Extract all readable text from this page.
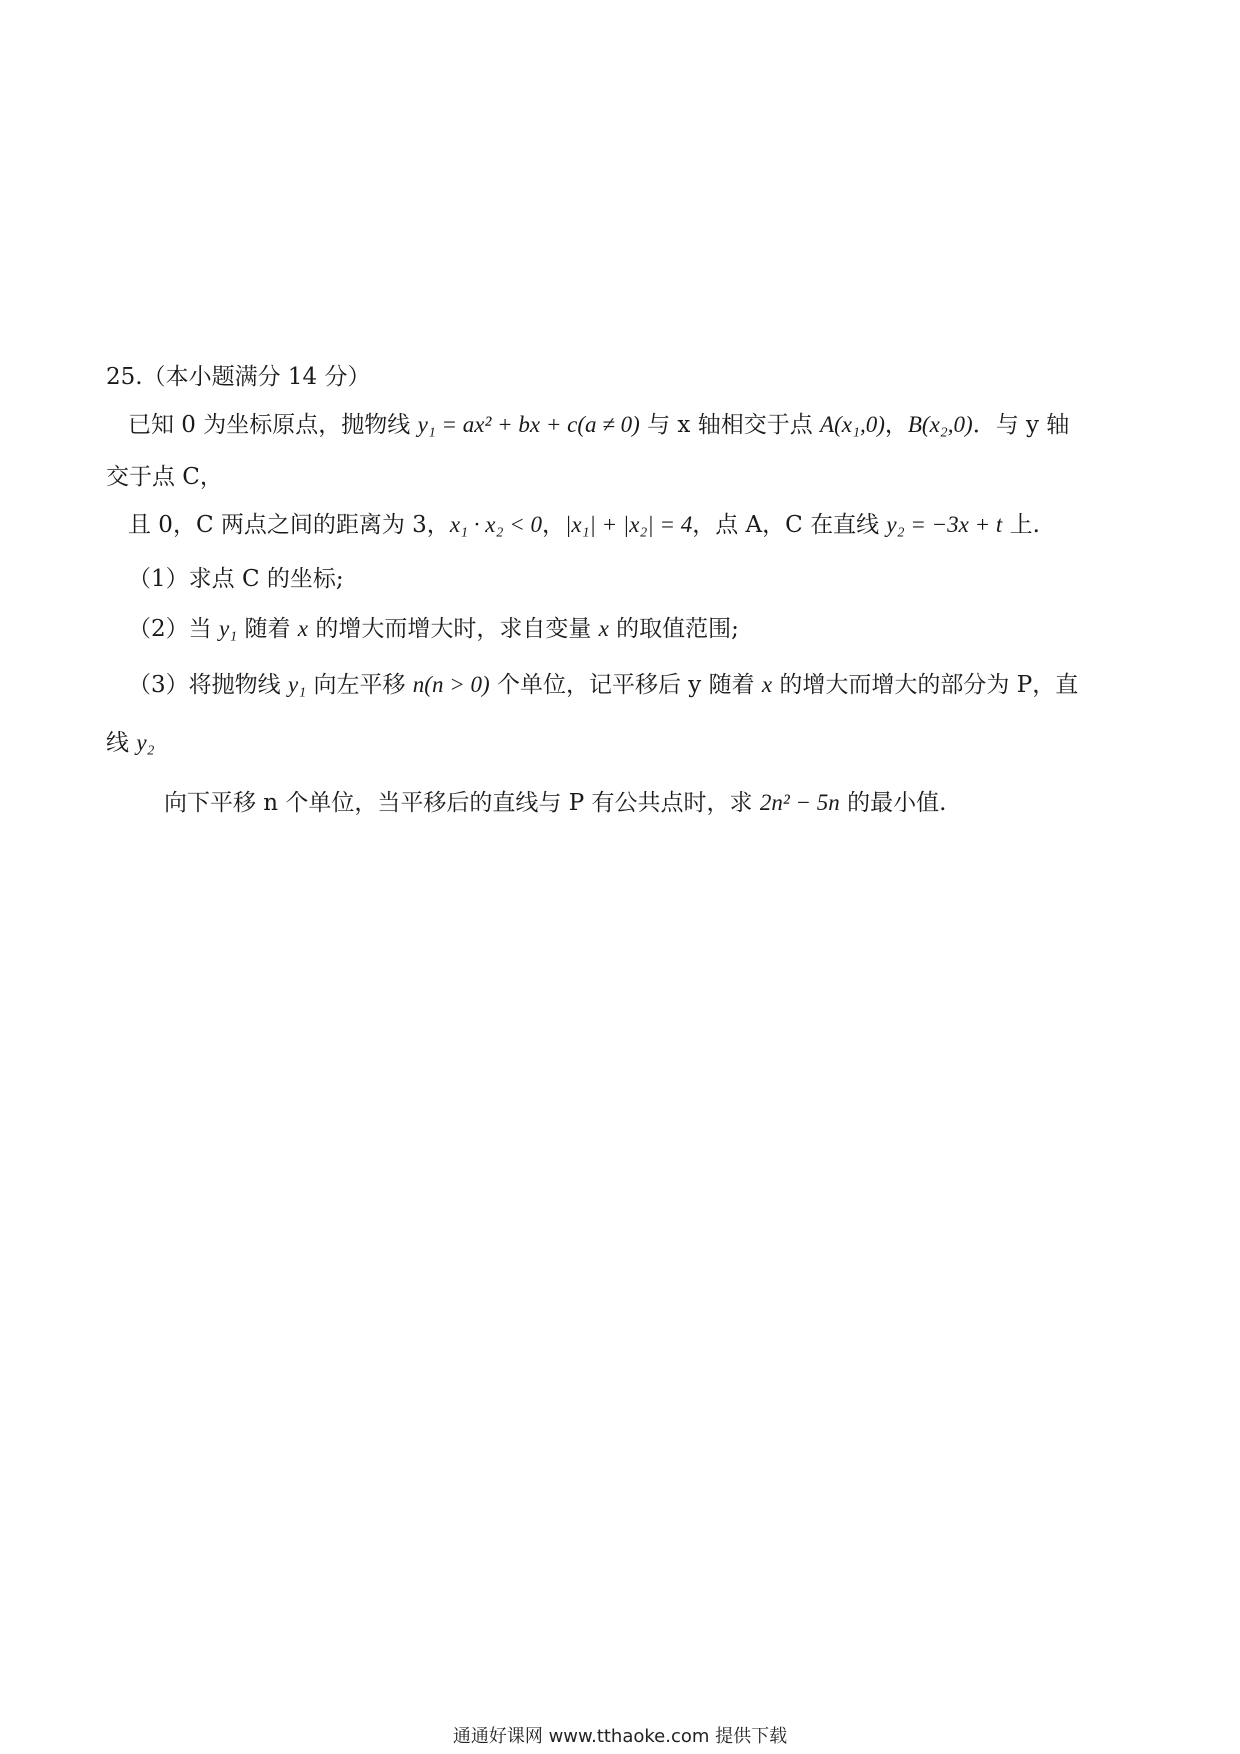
25.（本小题满分 14 分）
已知 0 为坐标原点，抛物线 y₁ = ax² + bx + c(a ≠ 0) 与 x 轴相交于点 A(x₁,0)，B(x₂,0)．与 y 轴
交于点 C，
且 0，C 两点之间的距离为 3，x₁ · x₂ < 0，|x₁| + |x₂| = 4，点 A，C 在直线 y₂ = −3x + t 上.
（1）求点 C 的坐标;
（2）当 y₁ 随着 x 的增大而增大时，求自变量 x 的取值范围;
（3）将抛物线 y₁ 向左平移 n(n > 0) 个单位，记平移后 y 随着 x 的增大而增大的部分为 P，直
线 y₂
向下平移 n 个单位，当平移后的直线与 P 有公共点时，求 2n² − 5n 的最小值.
通通好课网 www.tthaoke.com 提供下载
